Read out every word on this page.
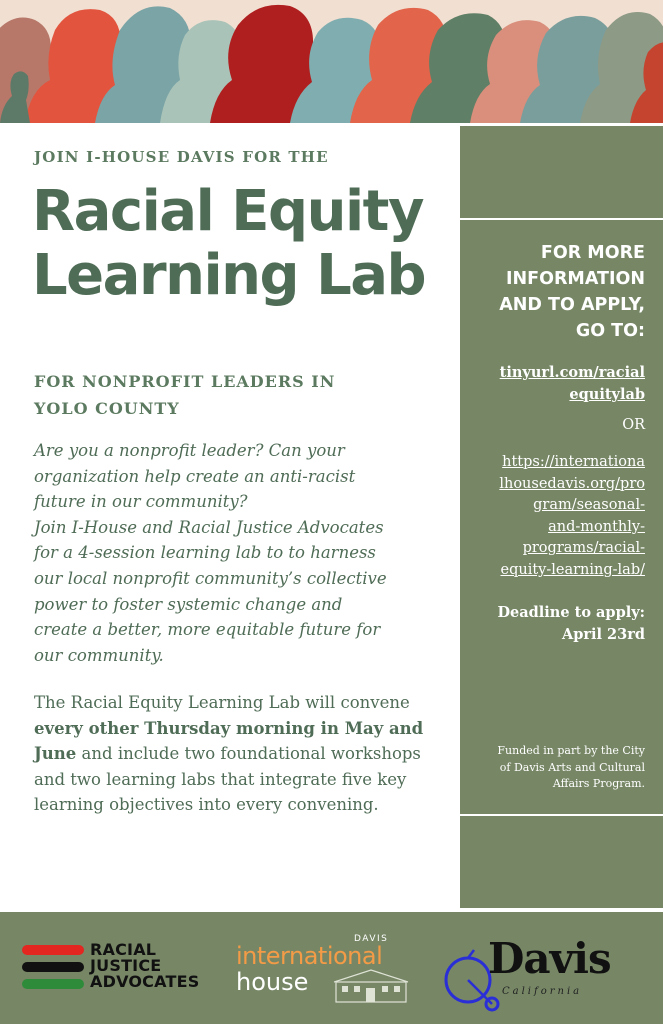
JOIN I-HOUSE DAVIS FOR THE
Racial Equity
Learning Lab
FOR NONPROFIT LEADERS IN
YOLO COUNTY

Are you a nonprofit leader? Can your

organization help create an anti-racist

future in our community?

Join I-House and Racial Justice Advocates

for a 4-session learning lab to to harness

our local nonprofit community’s collective

power to foster systemic change and

create a better, more equitable future for

our community.

The Racial Equity Learning Lab will convene every other Thursday morning in May and June and include two foundational workshops and two learning labs that integrate five key learning objectives into every convening.
FOR MORE
INFORMATION
AND TO APPLY,
GO TO:
tinyurl.com/racial
equitylab
OR
https://internationa
lhousedavis.org/pro
gram/seasonal-
and-monthly-
programs/racial-
equity-learning-lab/
Deadline to apply:
April 23rd
Funded in part by the City
of Davis Arts and Cultural
Affairs Program.
RACIAL
JUSTICE
ADVOCATES
DAVIS
international
house	Davis
California
